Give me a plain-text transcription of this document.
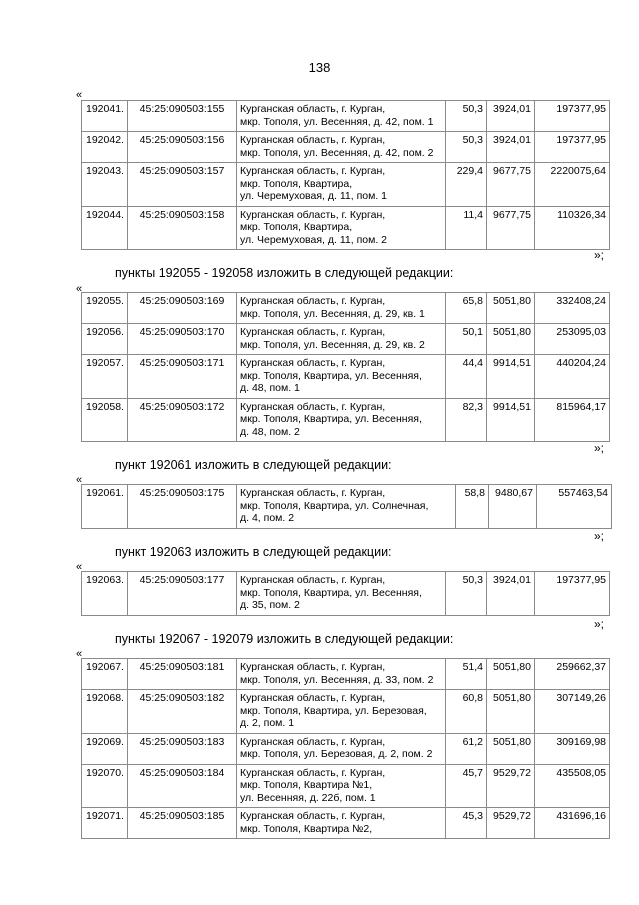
138
«
192041.	45:25:090503:155	Курганская область, г. Курган,
мкр. Тополя, ул. Весенняя, д. 42, пом. 1	50,3	3924,01	197377,95
192042.	45:25:090503:156	Курганская область, г. Курган,
мкр. Тополя, ул. Весенняя, д. 42, пом. 2	50,3	3924,01	197377,95
192043.	45:25:090503:157	Курганская область, г. Курган,
мкр. Тополя, Квартира,
ул. Черемуховая, д. 11, пом. 1	229,4	9677,75	2220075,64
192044.	45:25:090503:158	Курганская область, г. Курган,
мкр. Тополя, Квартира,
ул. Черемуховая, д. 11, пом. 2	11,4	9677,75	110326,34
»;
пункты 192055 - 192058 изложить в следующей редакции:
«
192055.	45:25:090503:169	Курганская область, г. Курган,
мкр. Тополя, ул. Весенняя, д. 29, кв. 1	65,8	5051,80	332408,24
192056.	45:25:090503:170	Курганская область, г. Курган,
мкр. Тополя, ул. Весенняя, д. 29, кв. 2	50,1	5051,80	253095,03
192057.	45:25:090503:171	Курганская область, г. Курган,
мкр. Тополя, Квартира, ул. Весенняя,
д. 48, пом. 1	44,4	9914,51	440204,24
192058.	45:25:090503:172	Курганская область, г. Курган,
мкр. Тополя, Квартира, ул. Весенняя,
д. 48, пом. 2	82,3	9914,51	815964,17
»;
пункт 192061 изложить в следующей редакции:
«
192061.	45:25:090503:175	Курганская область, г. Курган,
мкр. Тополя, Квартира, ул. Солнечная,
д. 4, пом. 2	58,8	9480,67	557463,54
»;
пункт 192063 изложить в следующей редакции:
«
192063.	45:25:090503:177	Курганская область, г. Курган,
мкр. Тополя, Квартира, ул. Весенняя,
д. 35, пом. 2	50,3	3924,01	197377,95
»;
пункты 192067 - 192079 изложить в следующей редакции:
«
192067.	45:25:090503:181	Курганская область, г. Курган,
мкр. Тополя, ул. Весенняя, д. 33, пом. 2	51,4	5051,80	259662,37
192068.	45:25:090503:182	Курганская область, г. Курган,
мкр. Тополя, Квартира, ул. Березовая,
д. 2, пом. 1	60,8	5051,80	307149,26
192069.	45:25:090503:183	Курганская область, г. Курган,
мкр. Тополя, ул. Березовая, д. 2, пом. 2	61,2	5051,80	309169,98
192070.	45:25:090503:184	Курганская область, г. Курган,
мкр. Тополя, Квартира №1,
ул. Весенняя, д. 22б, пом. 1	45,7	9529,72	435508,05
192071.	45:25:090503:185	Курганская область, г. Курган,
мкр. Тополя, Квартира №2,	45,3	9529,72	431696,16
